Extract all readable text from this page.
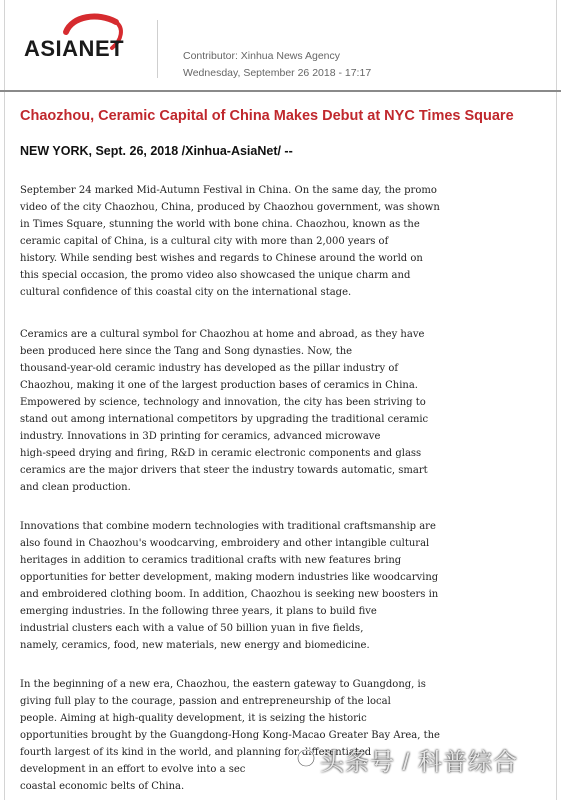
ASIANET	Contributor: Xinhua News Agency
Wednesday, September 26 2018 - 17:17
Chaozhou, Ceramic Capital of China Makes Debut at NYC Times Square
NEW YORK, Sept. 26, 2018 /Xinhua-AsiaNet/ --

September 24 marked Mid-Autumn Festival in China. On the same day, the promo
video of the city Chaozhou, China, produced by Chaozhou government, was shown
in Times Square, stunning the world with bone china. Chaozhou, known as the
ceramic capital of China, is a cultural city with more than 2,000 years of
history. While sending best wishes and regards to Chinese around the world on
this special occasion, the promo video also showcased the unique charm and
cultural confidence of this coastal city on the international stage.

Ceramics are a cultural symbol for Chaozhou at home and abroad, as they have
been produced here since the Tang and Song dynasties. Now, the
thousand-year-old ceramic industry has developed as the pillar industry of
Chaozhou, making it one of the largest production bases of ceramics in China.
Empowered by science, technology and innovation, the city has been striving to
stand out among international competitors by upgrading the traditional ceramic
industry. Innovations in 3D printing for ceramics, advanced microwave
high-speed drying and firing, R&D in ceramic electronic components and glass
ceramics are the major drivers that steer the industry towards automatic, smart
and clean production.

Innovations that combine modern technologies with traditional craftsmanship are
also found in Chaozhou's woodcarving, embroidery and other intangible cultural
heritages in addition to ceramics traditional crafts with new features bring
opportunities for better development, making modern industries like woodcarving
and embroidered clothing boom. In addition, Chaozhou is seeking new boosters in
emerging industries. In the following three years, it plans to build five
industrial clusters each with a value of 50 billion yuan in five fields,
namely, ceramics, food, new materials, new energy and biomedicine.

In the beginning of a new era, Chaozhou, the eastern gateway to Guangdong, is
giving full play to the courage, passion and entrepreneurship of the local
people. Aiming at high-quality development, it is seizing the historic
opportunities brought by the Guangdong-Hong Kong-Macao Greater Bay Area, the
fourth largest of its kind in the world, and planning for differentiated
development in an effort to evolve into a sec
coastal economic belts of China.

头条号 / 科普综合
